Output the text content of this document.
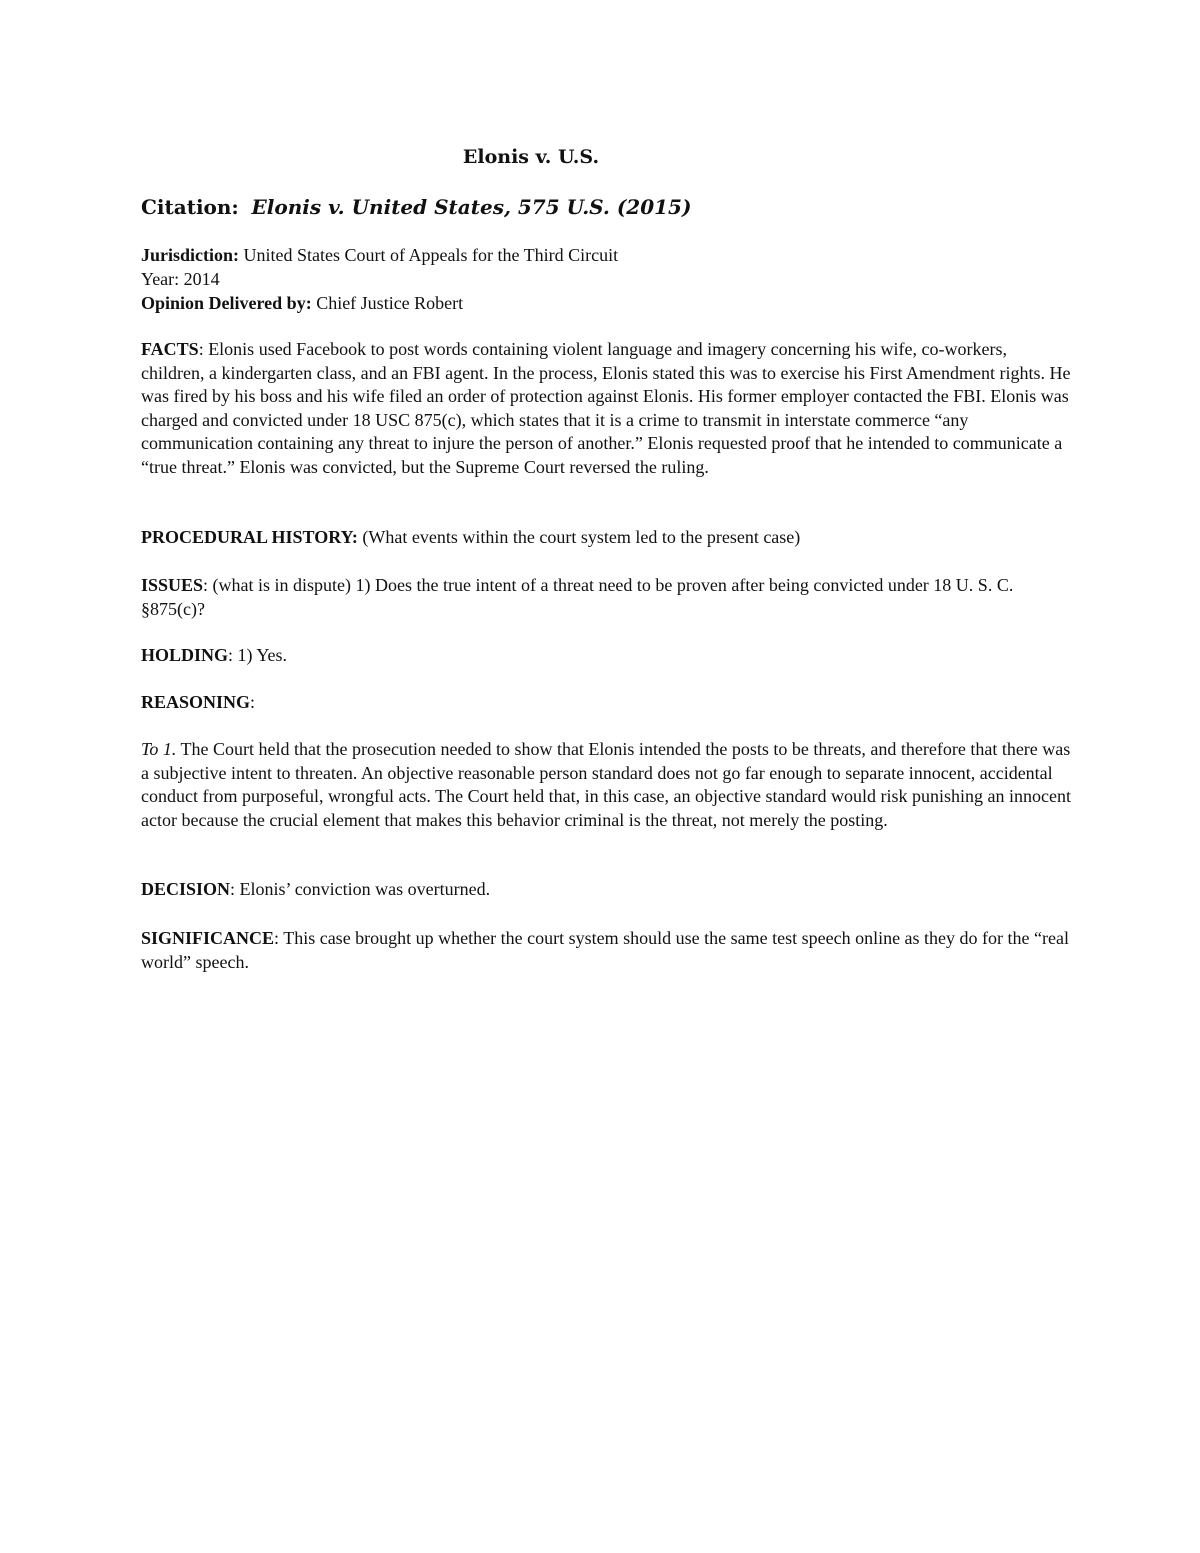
Elonis v. U.S.
Citation: Elonis v. United States, 575 U.S. (2015)
Jurisdiction: United States Court of Appeals for the Third Circuit
Year: 2014
Opinion Delivered by: Chief Justice Robert

FACTS: Elonis used Facebook to post words containing violent language and imagery concerning his wife, co-workers, children, a kindergarten class, and an FBI agent. In the process, Elonis stated this was to exercise his First Amendment rights. He was fired by his boss and his wife filed an order of protection against Elonis. His former employer contacted the FBI. Elonis was charged and convicted under 18 USC 875(c), which states that it is a crime to transmit in interstate commerce “any communication containing any threat to injure the person of another.” Elonis requested proof that he intended to communicate a “true threat.” Elonis was convicted, but the Supreme Court reversed the ruling.

PROCEDURAL HISTORY: (What events within the court system led to the present case)

ISSUES: (what is in dispute) 1) Does the true intent of a threat need to be proven after being convicted under 18 U. S. C. §875(c)?

HOLDING: 1) Yes.

REASONING:

To 1. The Court held that the prosecution needed to show that Elonis intended the posts to be threats, and therefore that there was a subjective intent to threaten. An objective reasonable person standard does not go far enough to separate innocent, accidental conduct from purposeful, wrongful acts. The Court held that, in this case, an objective standard would risk punishing an innocent actor because the crucial element that makes this behavior criminal is the threat, not merely the posting.

DECISION: Elonis’ conviction was overturned.

SIGNIFICANCE: This case brought up whether the court system should use the same test speech online as they do for the “real world” speech.
